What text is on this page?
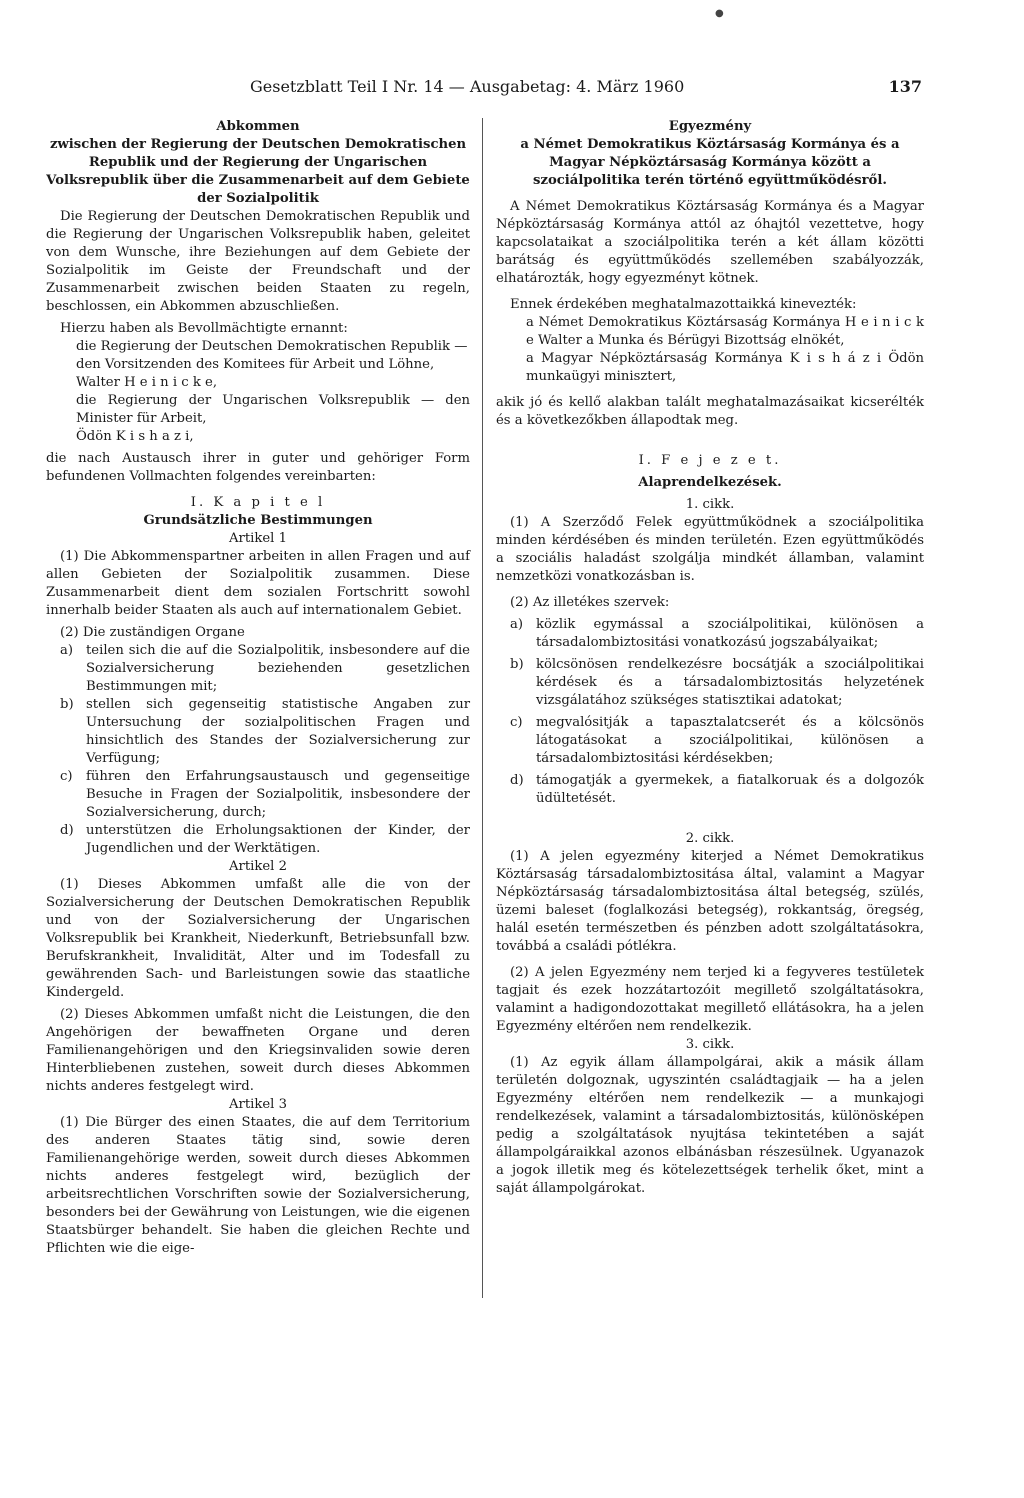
●
Gesetzblatt Teil I Nr. 14 — Ausgabetag: 4. März 1960	137

Abkommen

zwischen der Regierung der Deutschen Demokratischen Republik und der Regierung der Ungarischen Volksrepublik über die Zusammenarbeit auf dem Gebiete der Sozialpolitik

Die Regierung der Deutschen Demokratischen Republik und die Regierung der Ungarischen Volksrepublik haben, geleitet von dem Wunsche, ihre Beziehungen auf dem Gebiete der Sozialpolitik im Geiste der Freundschaft und der Zusammenarbeit zwischen beiden Staaten zu regeln, beschlossen, ein Abkommen abzuschließen.

Hierzu haben als Bevollmächtigte ernannt:

die Regierung der Deutschen Demokratischen Republik —

den Vorsitzenden des Komitees für Arbeit und Löhne,

Walter H e i n i c k e,

die Regierung der Ungarischen Volksrepublik — den Minister für Arbeit,

Ödön K i s h a z i,

die nach Austausch ihrer in guter und gehöriger Form befundenen Vollmachten folgendes vereinbarten:

I. K a p i t e l

Grundsätzliche Bestimmungen

Artikel 1

(1) Die Abkommenspartner arbeiten in allen Fragen und auf allen Gebieten der Sozialpolitik zusammen. Diese Zusammenarbeit dient dem sozialen Fortschritt sowohl innerhalb beider Staaten als auch auf internationalem Gebiet.

(2) Die zuständigen Organe

a) teilen sich die auf die Sozialpolitik, insbesondere auf die Sozialversicherung beziehenden gesetzlichen Bestimmungen mit;
b) stellen sich gegenseitig statistische Angaben zur Untersuchung der sozialpolitischen Fragen und hinsichtlich des Standes der Sozialversicherung zur Verfügung;
c) führen den Erfahrungsaustausch und gegenseitige Besuche in Fragen der Sozialpolitik, insbesondere der Sozialversicherung, durch;
d) unterstützen die Erholungsaktionen der Kinder, der Jugendlichen und der Werktätigen.

Artikel 2

(1) Dieses Abkommen umfaßt alle die von der Sozialversicherung der Deutschen Demokratischen Republik und von der Sozialversicherung der Ungarischen Volksrepublik bei Krankheit, Niederkunft, Betriebsunfall bzw. Berufskrankheit, Invalidität, Alter und im Todesfall zu gewährenden Sach- und Barleistungen sowie das staatliche Kindergeld.

(2) Dieses Abkommen umfaßt nicht die Leistungen, die den Angehörigen der bewaffneten Organe und deren Familienangehörigen und den Kriegsinvaliden sowie deren Hinterbliebenen zustehen, soweit durch dieses Abkommen nichts anderes festgelegt wird.

Artikel 3

(1) Die Bürger des einen Staates, die auf dem Territorium des anderen Staates tätig sind, sowie deren Familienangehörige werden, soweit durch dieses Abkommen nichts anderes festgelegt wird, bezüglich der arbeitsrechtlichen Vorschriften sowie der Sozialversicherung, besonders bei der Gewährung von Leistungen, wie die eigenen Staatsbürger behandelt. Sie haben die gleichen Rechte und Pflichten wie die eige-

Egyezmény

a Német Demokratikus Köztársaság Kormánya és a Magyar Népköztársaság Kormánya között a szociálpolitika terén történő együttműködésről.

A Német Demokratikus Köztársaság Kormánya és a Magyar Népköztársaság Kormánya attól az óhajtól vezettetve, hogy kapcsolataikat a szociálpolitika terén a két állam közötti barátság és együttműködés szellemében szabályozzák, elhatározták, hogy egyezményt kötnek.

Ennek érdekében meghatalmazottaikká kinevezték:

a Német Demokratikus Köztársaság Kormánya H e i n i c k e Walter a Munka és Bérügyi Bizottság elnökét,

a Magyar Népköztársaság Kormánya K i s h á z i Ödön munkaügyi minisztert,

akik jó és kellő alakban talált meghatalmazásaikat kicserélték és a következőkben állapodtak meg.

I. F e j e z e t.

Alaprendelkezések.

1. cikk.

(1) A Szerződő Felek együttműködnek a szociálpolitika minden kérdésében és minden területén. Ezen együttműködés a szociális haladást szolgálja mindkét államban, valamint nemzetközi vonatkozásban is.

(2) Az illetékes szervek:

a) közlik egymással a szociálpolitikai, különösen a társadalombiztositási vonatkozású jogszabályaikat;
b) kölcsönösen rendelkezésre bocsátják a szociálpolitikai kérdések és a társadalombiztositás helyzetének vizsgálatához szükséges statisztikai adatokat;
c) megvalósitják a tapasztalatcserét és a kölcsönös látogatásokat a szociálpolitikai, különösen a társadalombiztositási kérdésekben;
d) támogatják a gyermekek, a fiatalkoruak és a dolgozók üdültetését.

2. cikk.

(1) A jelen egyezmény kiterjed a Német Demokratikus Köztársaság társadalombiztositása által, valamint a Magyar Népköztársaság társadalombiztositása által betegség, szülés, üzemi baleset (foglalkozási betegség), rokkantság, öregség, halál esetén természetben és pénzben adott szolgáltatásokra, továbbá a családi pótlékra.

(2) A jelen Egyezmény nem terjed ki a fegyveres testületek tagjait és ezek hozzátartozóit megillető szolgáltatásokra, valamint a hadigondozottakat megillető ellátásokra, ha a jelen Egyezmény eltérően nem rendelkezik.

3. cikk.

(1) Az egyik állam állampolgárai, akik a másik állam területén dolgoznak, ugyszintén családtagjaik — ha a jelen Egyezmény eltérően nem rendelkezik — a munkajogi rendelkezések, valamint a társadalombiztositás, különösképen pedig a szolgáltatások nyujtása tekintetében a saját állampolgáraikkal azonos elbánásban részesülnek. Ugyanazok a jogok illetik meg és kötelezettségek terhelik őket, mint a saját állampolgárokat.
